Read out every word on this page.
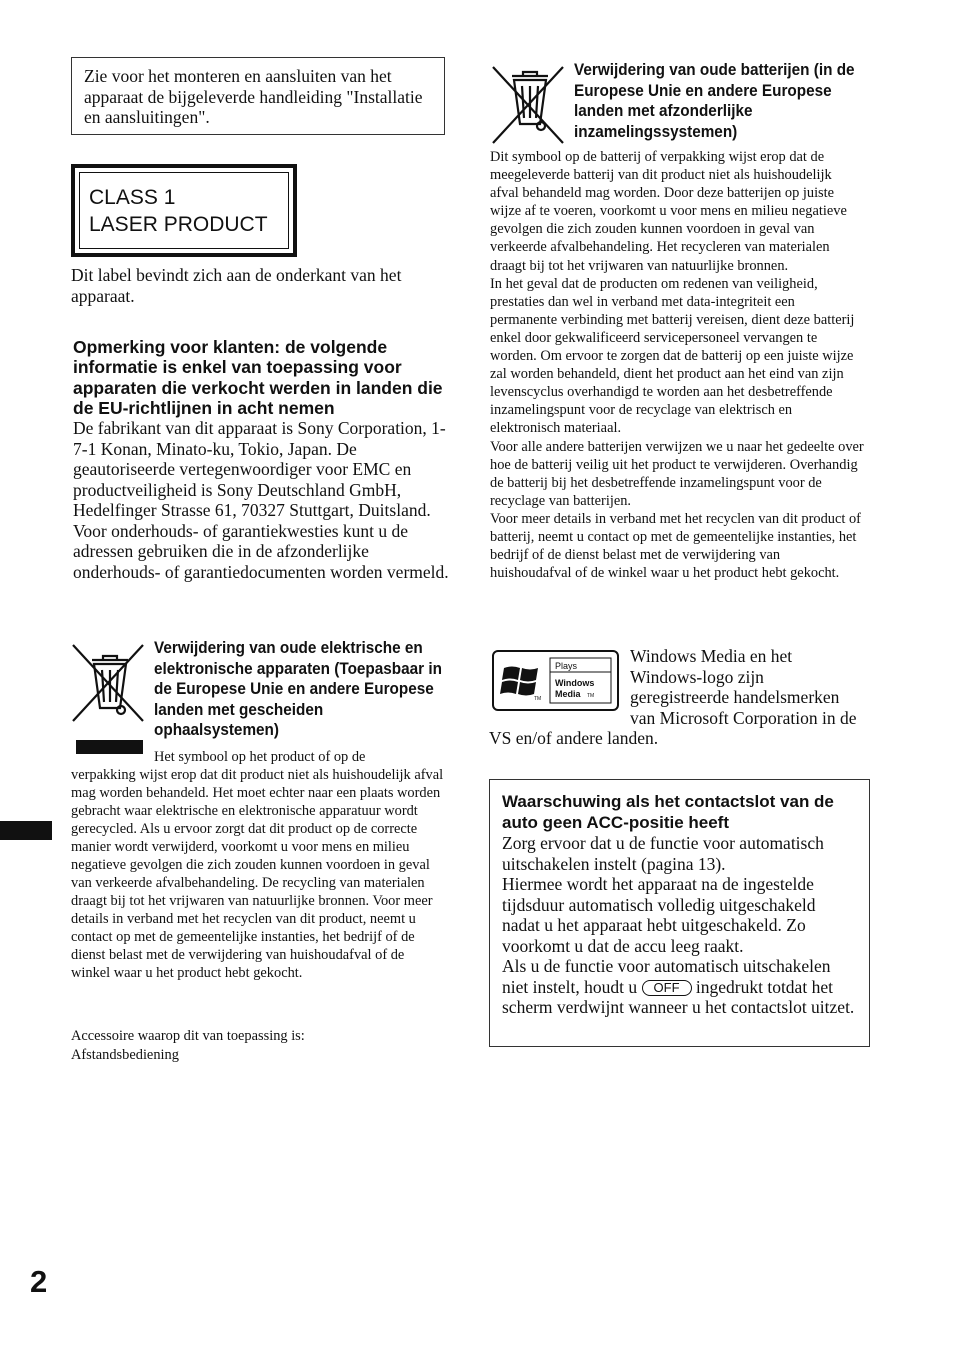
Zie voor het monteren en aansluiten van het apparaat de bijgeleverde handleiding "Installatie en aansluitingen".
CLASS 1
LASER PRODUCT
Dit label bevindt zich aan de onderkant van het apparaat.
Opmerking voor klanten: de volgende informatie is enkel van toepassing voor apparaten die verkocht werden in landen die de EU-richtlijnen in acht nemen
De fabrikant van dit apparaat is Sony Corporation, 1-7-1 Konan, Minato-ku, Tokio, Japan. De geautoriseerde vertegenwoordiger voor EMC en productveiligheid is Sony Deutschland GmbH, Hedelfinger Strasse 61, 70327 Stuttgart, Duitsland. Voor onderhouds- of garantiekwesties kunt u de adressen gebruiken die in de afzonderlijke onderhouds- of garantiedocumenten worden vermeld.
Verwijdering van oude elektrische en elektronische apparaten (Toepasbaar in de Europese Unie en andere Europese landen met gescheiden ophaalsystemen)
Het symbool op het product of op de
verpakking wijst erop dat dit product niet als huishoudelijk afval mag worden behandeld. Het moet echter naar een plaats worden gebracht waar elektrische en elektronische apparatuur wordt gerecycled. Als u ervoor zorgt dat dit product op de correcte manier wordt verwijderd, voorkomt u voor mens en milieu negatieve gevolgen die zich zouden kunnen voordoen in geval van verkeerde afvalbehandeling. De recycling van materialen draagt bij tot het vrijwaren van natuurlijke bronnen. Voor meer details in verband met het recyclen van dit product, neemt u contact op met de gemeentelijke instanties, het bedrijf of de dienst belast met de verwijdering van huishoudafval of de winkel waar u het product hebt gekocht.
Accessoire waarop dit van toepassing is:
Afstandsbediening
2
Verwijdering van oude batterijen (in de Europese Unie en andere Europese landen met afzonderlijke inzamelingssystemen)

Dit symbool op de batterij of verpakking wijst erop dat de meegeleverde batterij van dit product niet als huishoudelijk afval behandeld mag worden. Door deze batterijen op juiste wijze af te voeren, voorkomt u voor mens en milieu negatieve gevolgen die zich zouden kunnen voordoen in geval van verkeerde afvalbehandeling. Het recycleren van materialen draagt bij tot het vrijwaren van natuurlijke bronnen.

In het geval dat de producten om redenen van veiligheid, prestaties dan wel in verband met data-integriteit een permanente verbinding met batterij vereisen, dient deze batterij enkel door gekwalificeerd servicepersoneel vervangen te worden. Om ervoor te zorgen dat de batterij op een juiste wijze zal worden behandeld, dient het product aan het eind van zijn levenscyclus overhandigd te worden aan het desbetreffende inzamelingspunt voor de recyclage van elektrisch en elektronisch materiaal.

Voor alle andere batterijen verwijzen we u naar het gedeelte over hoe de batterij veilig uit het product te verwijderen. Overhandig de batterij bij het desbetreffende inzamelingspunt voor de recyclage van batterijen.

Voor meer details in verband met het recyclen van dit product of batterij, neemt u contact op met de gemeentelijke instanties, het bedrijf of de dienst belast met de verwijdering van huishoudafval of de winkel waar u het product hebt gekocht.

Windows Media en het Windows-logo zijn geregistreerde handelsmerken van Microsoft Corporation in de VS en/of andere landen.
Plays
Windows
Media TM
TM
Waarschuwing als het contactslot van de auto geen ACC-positie heeft

Zorg ervoor dat u de functie voor automatisch uitschakelen instelt (pagina 13).

Hiermee wordt het apparaat na de ingestelde tijdsduur automatisch volledig uitgeschakeld nadat u het apparaat hebt uitgeschakeld. Zo voorkomt u dat de accu leeg raakt.

Als u de functie voor automatisch uitschakelen niet instelt, houdt u OFF ingedrukt totdat het scherm verdwijnt wanneer u het contactslot uitzet.
